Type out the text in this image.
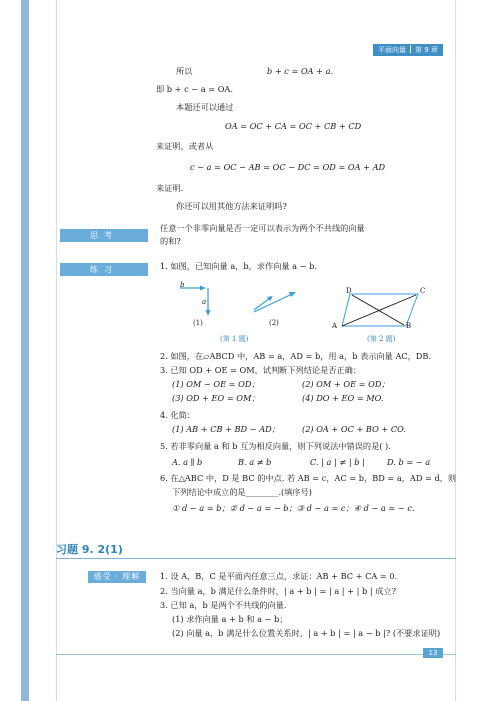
平面向量 第 9 章
所以	b + c = OA + a.
即 b + c − a = OA.
本题还可以通过
OA = OC + CA = OC + CB + CD
来证明，或者从
c − a = OC − AB = OC − DC = OD = OA + AD
来证明.
你还可以用其他方法来证明吗?
思考
任意一个非零向量是否一定可以表示为两个不共线的向量
的和?
练习	1. 如图，已知向量 a，b，求作向量 a − b.
b
a
(1)	(2)
(第 1 题)
D	C
A	B
(第 2 题)
2. 如图，在▱ABCD 中，AB = a，AD = b，用 a，b 表示向量 AC，DB.
3. 已知 OD + OE = OM，试判断下列结论是否正确：
(1) OM − OE = OD；	(2) OM + OE = OD；
(3) OD + EO = OM；	(4) DO + EO = MO.
4. 化简：
(1) AB + CB + BD − AD；	(2) OA + OC + BO + CO.
5. 若非零向量 a 和 b 互为相反向量，则下列说法中错误的是( ).
A. a ∥ b	B. a ≠ b	C. | a | ≠ | b |	D. b = − a
6. 在△ABC 中，D 是 BC 的中点. 若 AB = c，AC = b，BD = a，AD = d，则
下列结论中成立的是________.(填序号)
① d − a = b；② d − a = − b；③ d − a = c；④ d − a = − c.
习题 9. 2(1)
感受 · 理解	1. 设 A，B，C 是平面内任意三点，求证：AB + BC + CA = 0.
2. 当向量 a，b 满足什么条件时，| a + b | = | a | + | b | 成立?
3. 已知 a，b 是两个不共线的向量.
(1) 求作向量 a + b 和 a − b；
(2) 向量 a，b 满足什么位置关系时，| a + b | = | a − b |? (不要求证明)
13
